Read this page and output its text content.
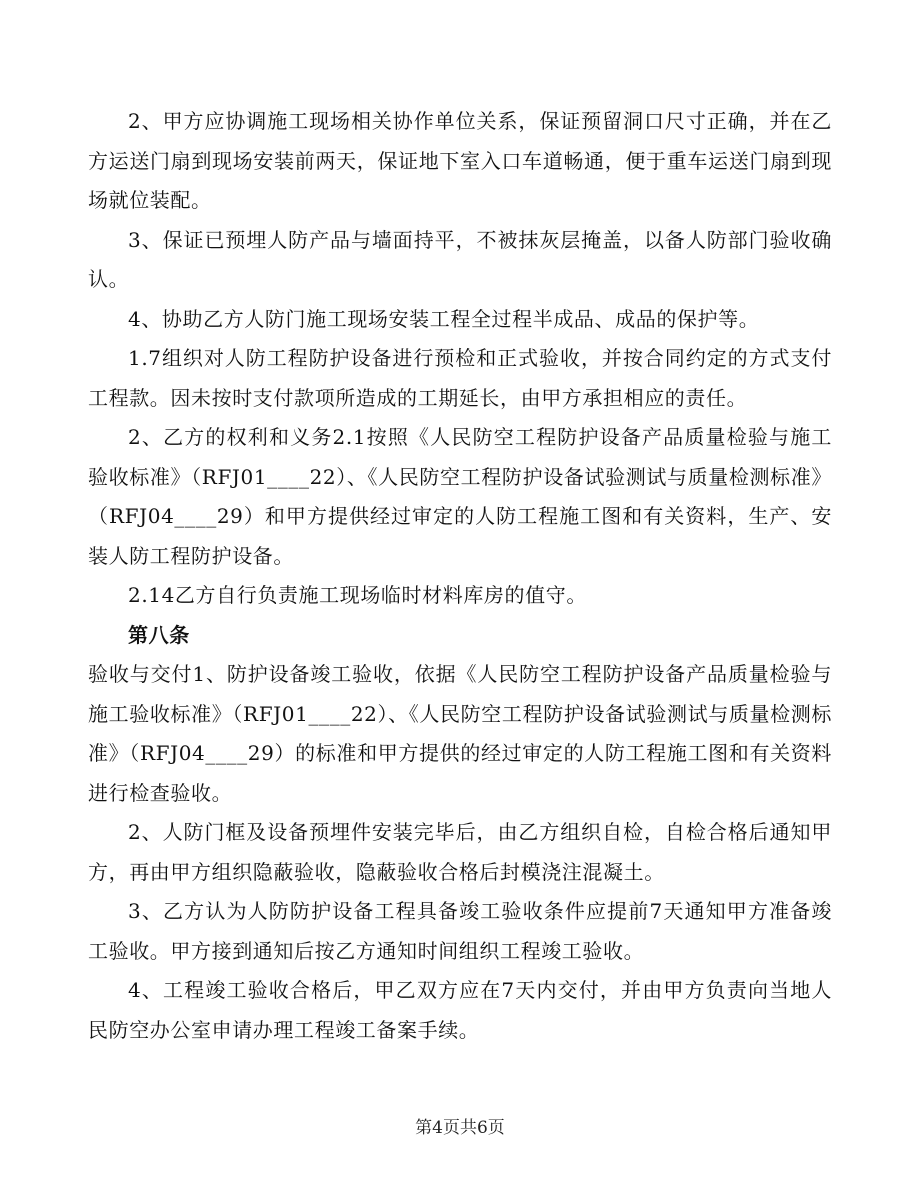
2、甲方应协调施工现场相关协作单位关系，保证预留洞口尺寸正确，并在乙方运送门扇到现场安装前两天，保证地下室入口车道畅通，便于重车运送门扇到现场就位装配。

3、保证已预埋人防产品与墙面持平，不被抹灰层掩盖，以备人防部门验收确认。

4、协助乙方人防门施工现场安装工程全过程半成品、成品的保护等。

1.7组织对人防工程防护设备进行预检和正式验收，并按合同约定的方式支付工程款。因未按时支付款项所造成的工期延长，由甲方承担相应的责任。

2、乙方的权利和义务2.1按照《人民防空工程防护设备产品质量检验与施工验收标准》（RFJ01____22）、《人民防空工程防护设备试验测试与质量检测标准》（RFJ04____29）和甲方提供经过审定的人防工程施工图和有关资料，生产、安装人防工程防护设备。

2.14乙方自行负责施工现场临时材料库房的值守。

第八条

验收与交付1、防护设备竣工验收，依据《人民防空工程防护设备产品质量检验与施工验收标准》（RFJ01____22）、《人民防空工程防护设备试验测试与质量检测标准》（RFJ04____29）的标准和甲方提供的经过审定的人防工程施工图和有关资料进行检查验收。

2、人防门框及设备预埋件安装完毕后，由乙方组织自检，自检合格后通知甲方，再由甲方组织隐蔽验收，隐蔽验收合格后封模浇注混凝土。

3、乙方认为人防防护设备工程具备竣工验收条件应提前7天通知甲方准备竣工验收。甲方接到通知后按乙方通知时间组织工程竣工验收。

4、工程竣工验收合格后，甲乙双方应在7天内交付，并由甲方负责向当地人民防空办公室申请办理工程竣工备案手续。

第4页共6页
